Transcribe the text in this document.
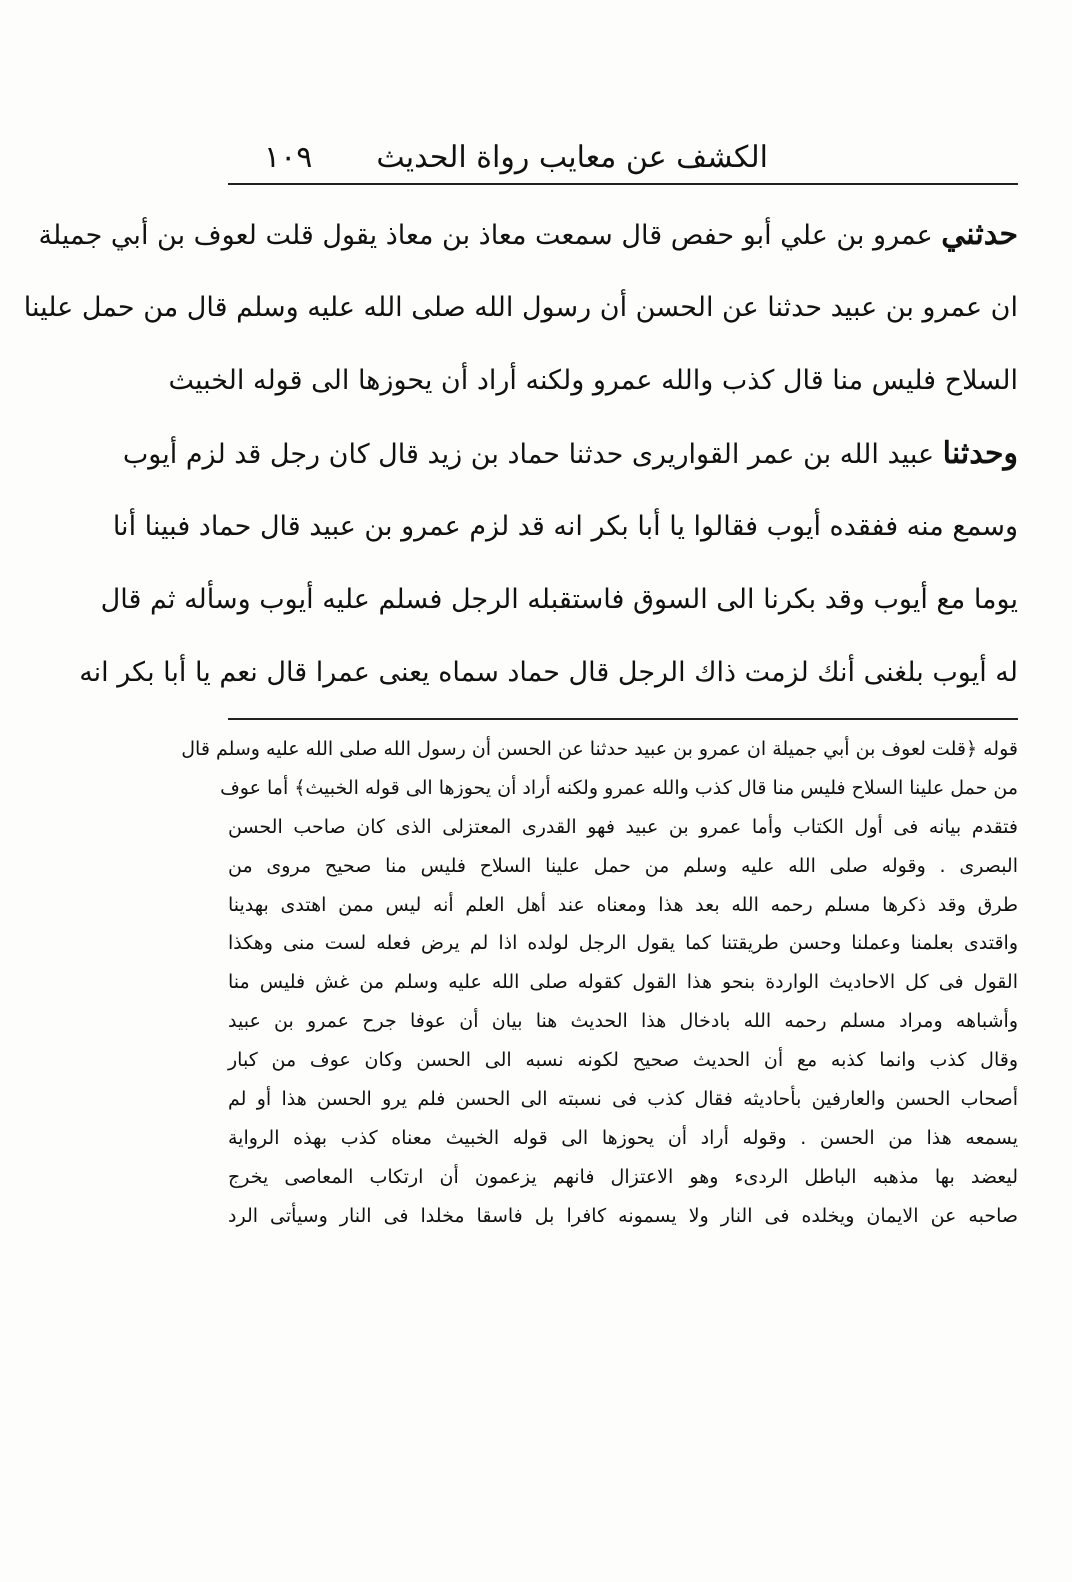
الكشف عن معايب رواة الحديث
١٠٩
حدثني عمرو بن علي أبو حفص قال سمعت معاذ بن معاذ يقول قلت لعوف بن أبي جميلة
ان عمرو بن عبيد حدثنا عن الحسن أن رسول الله صلى الله عليه وسلم قال من حمل علينا
السلاح فليس منا قال كذب والله عمرو ولكنه أراد أن يحوزها الى قوله الخبيث
وحدثنا عبيد الله بن عمر القواريرى حدثنا حماد بن زيد قال كان رجل قد لزم أيوب
وسمع منه ففقده أيوب فقالوا يا أبا بكر انه قد لزم عمرو بن عبيد قال حماد فبينا أنا
يوما مع أيوب وقد بكرنا الى السوق فاستقبله الرجل فسلم عليه أيوب وسأله ثم قال
له أيوب بلغنى أنك لزمت ذاك الرجل قال حماد سماه يعنى عمرا قال نعم يا أبا بكر انه
قوله ﴿قلت لعوف بن أبي جميلة ان عمرو بن عبيد حدثنا عن الحسن أن رسول الله صلى الله عليه وسلم قال
من حمل علينا السلاح فليس منا قال كذب والله عمرو ولكنه أراد أن يحوزها الى قوله الخبيث﴾ أما عوف
فتقدم بيانه فى أول الكتاب وأما عمرو بن عبيد فهو القدرى المعتزلى الذى كان صاحب الحسن
البصرى . وقوله صلى الله عليه وسلم من حمل علينا السلاح فليس منا صحيح مروى من
طرق وقد ذكرها مسلم رحمه الله بعد هذا ومعناه عند أهل العلم أنه ليس ممن اهتدى بهدينا
واقتدى بعلمنا وعملنا وحسن طريقتنا كما يقول الرجل لولده اذا لم يرض فعله لست منى وهكذا
القول فى كل الاحاديث الواردة بنحو هذا القول كقوله صلى الله عليه وسلم من غش فليس منا
وأشباهه ومراد مسلم رحمه الله بادخال هذا الحديث هنا بيان أن عوفا جرح عمرو بن عبيد
وقال كذب وانما كذبه مع أن الحديث صحيح لكونه نسبه الى الحسن وكان عوف من كبار
أصحاب الحسن والعارفين بأحاديثه فقال كذب فى نسبته الى الحسن فلم يرو الحسن هذا أو لم
يسمعه هذا من الحسن . وقوله أراد أن يحوزها الى قوله الخبيث معناه كذب بهذه الرواية
ليعضد بها مذهبه الباطل الردىء وهو الاعتزال فانهم يزعمون أن ارتكاب المعاصى يخرج
صاحبه عن الايمان ويخلده فى النار ولا يسمونه كافرا بل فاسقا مخلدا فى النار وسيأتى الرد
